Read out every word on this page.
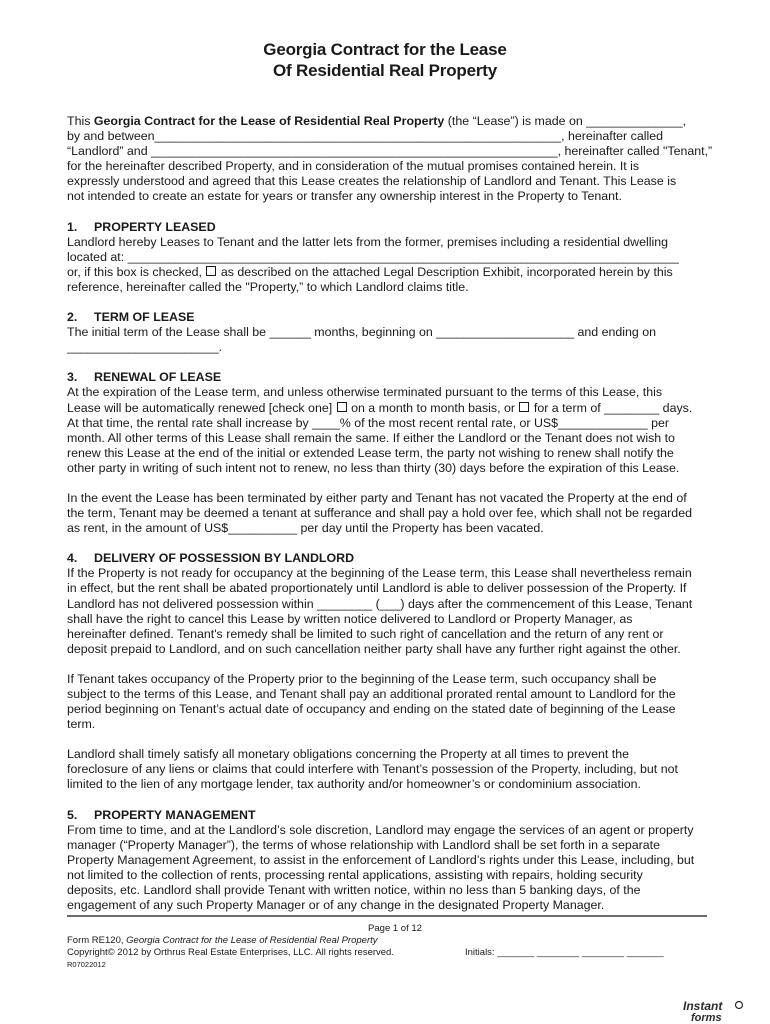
Georgia Contract for the Lease
Of Residential Real Property

This Georgia Contract for the Lease of Residential Real Property (the “Lease”) is made on ______________,
by and between___________________________________________________________, hereinafter called
“Landlord” and ___________________________________________________________, hereinafter called "Tenant,”
for the hereinafter described Property, and in consideration of the mutual promises contained herein. It is
expressly understood and agreed that this Lease creates the relationship of Landlord and Tenant. This Lease is
not intended to create an estate for years or transfer any ownership interest in the Property to Tenant.

1. PROPERTY LEASED
Landlord hereby Leases to Tenant and the latter lets from the former, premises including a residential dwelling
located at: ________________________________________________________________________________
or, if this box is checked,  as described on the attached Legal Description Exhibit, incorporated herein by this
reference, hereinafter called the "Property,” to which Landlord claims title.

2. TERM OF LEASE
The initial term of the Lease shall be ______ months, beginning on ____________________ and ending on
______________________.

3. RENEWAL OF LEASE
At the expiration of the Lease term, and unless otherwise terminated pursuant to the terms of this Lease, this
Lease will be automatically renewed [check one]  on a month to month basis, or  for a term of ________ days.
At that time, the rental rate shall increase by ____% of the most recent rental rate, or US$_____________ per
month. All other terms of this Lease shall remain the same. If either the Landlord or the Tenant does not wish to
renew this Lease at the end of the initial or extended Lease term, the party not wishing to renew shall notify the
other party in writing of such intent not to renew, no less than thirty (30) days before the expiration of this Lease.

In the event the Lease has been terminated by either party and Tenant has not vacated the Property at the end of
the term, Tenant may be deemed a tenant at sufferance and shall pay a hold over fee, which shall not be regarded
as rent, in the amount of US$__________ per day until the Property has been vacated.

4. DELIVERY OF POSSESSION BY LANDLORD
If the Property is not ready for occupancy at the beginning of the Lease term, this Lease shall nevertheless remain
in effect, but the rent shall be abated proportionately until Landlord is able to deliver possession of the Property. If
Landlord has not delivered possession within ________ (___) days after the commencement of this Lease, Tenant
shall have the right to cancel this Lease by written notice delivered to Landlord or Property Manager, as
hereinafter defined. Tenant's remedy shall be limited to such right of cancellation and the return of any rent or
deposit prepaid to Landlord, and on such cancellation neither party shall have any further right against the other.

If Tenant takes occupancy of the Property prior to the beginning of the Lease term, such occupancy shall be
subject to the terms of this Lease, and Tenant shall pay an additional prorated rental amount to Landlord for the
period beginning on Tenant’s actual date of occupancy and ending on the stated date of beginning of the Lease
term.

Landlord shall timely satisfy all monetary obligations concerning the Property at all times to prevent the
foreclosure of any liens or claims that could interfere with Tenant’s possession of the Property, including, but not
limited to the lien of any mortgage lender, tax authority and/or homeowner’s or condominium association.

5. PROPERTY MANAGEMENT
From time to time, and at the Landlord’s sole discretion, Landlord may engage the services of an agent or property
manager (“Property Manager”), the terms of whose relationship with Landlord shall be set forth in a separate
Property Management Agreement, to assist in the enforcement of Landlord’s rights under this Lease, including, but
not limited to the collection of rents, processing rental applications, assisting with repairs, holding security
deposits, etc. Landlord shall provide Tenant with written notice, within no less than 5 banking days, of the
engagement of any such Property Manager or of any change in the designated Property Manager.

Page 1 of 12
Form RE120, Georgia Contract for the Lease of Residential Real Property
Copyright© 2012 by Orthrus Real Estate Enterprises, LLC. All rights reserved.
R07022012
Initials: _______ ________ ________ _______
Instant
forms
